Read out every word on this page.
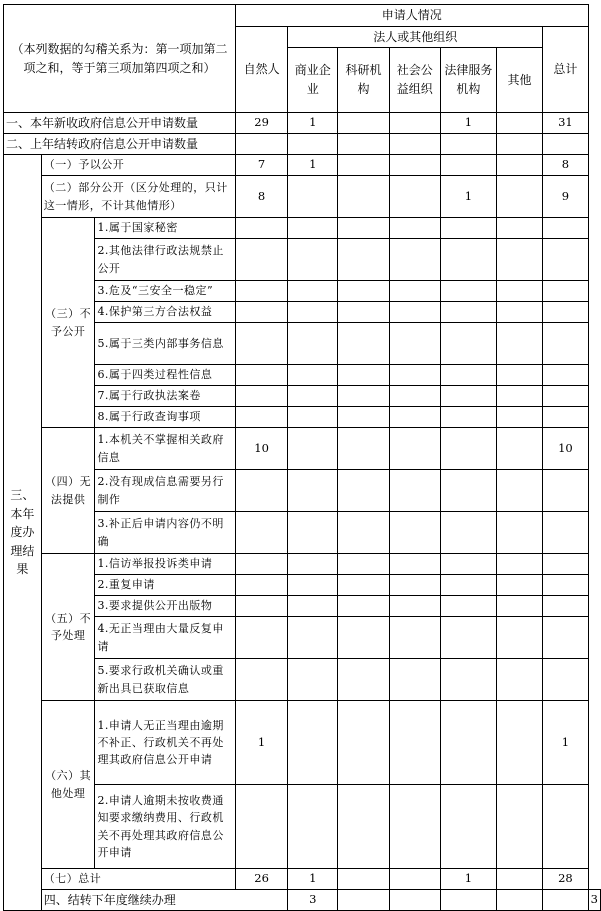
（本列数据的勾稽关系为：第一项加第二项之和，等于第三项加第四项之和）			申请人情况							
			自然人	法人或其他组织					总计	
				商业企业	科研机构	社会公益组织	法律服务机构	其他		
一、本年新收政府信息公开申请数量			29	1			1		31	
二、上年结转政府信息公开申请数量										
三、本年度办理结果	（一）予以公开		7	1					8	
	（二）部分公开（区分处理的，只计这一情形，不计其他情形）		8				1		9	
	（三）不予公开	1.属于国家秘密								
		2.其他法律行政法规禁止公开								
		3.危及“三安全一稳定”								
		4.保护第三方合法权益								
		5.属于三类内部事务信息								
		6.属于四类过程性信息								
		7.属于行政执法案卷								
		8.属于行政查询事项								
	（四）无法提供	1.本机关不掌握相关政府信息	10						10	
		2.没有现成信息需要另行制作								
		3.补正后申请内容仍不明确								
	（五）不予处理	1.信访举报投诉类申请								
		2.重复申请								
		3.要求提供公开出版物								
		4.无正当理由大量反复申请								
		5.要求行政机关确认或重新出具已获取信息								
	（六）其他处理	1.申请人无正当理由逾期不补正、行政机关不再处理其政府信息公开申请	1						1	
		2.申请人逾期未按收费通知要求缴纳费用、行政机关不再处理其政府信息公开申请								
	（七）总计		26	1			1		28	
	四、结转下年度继续办理			3						3
